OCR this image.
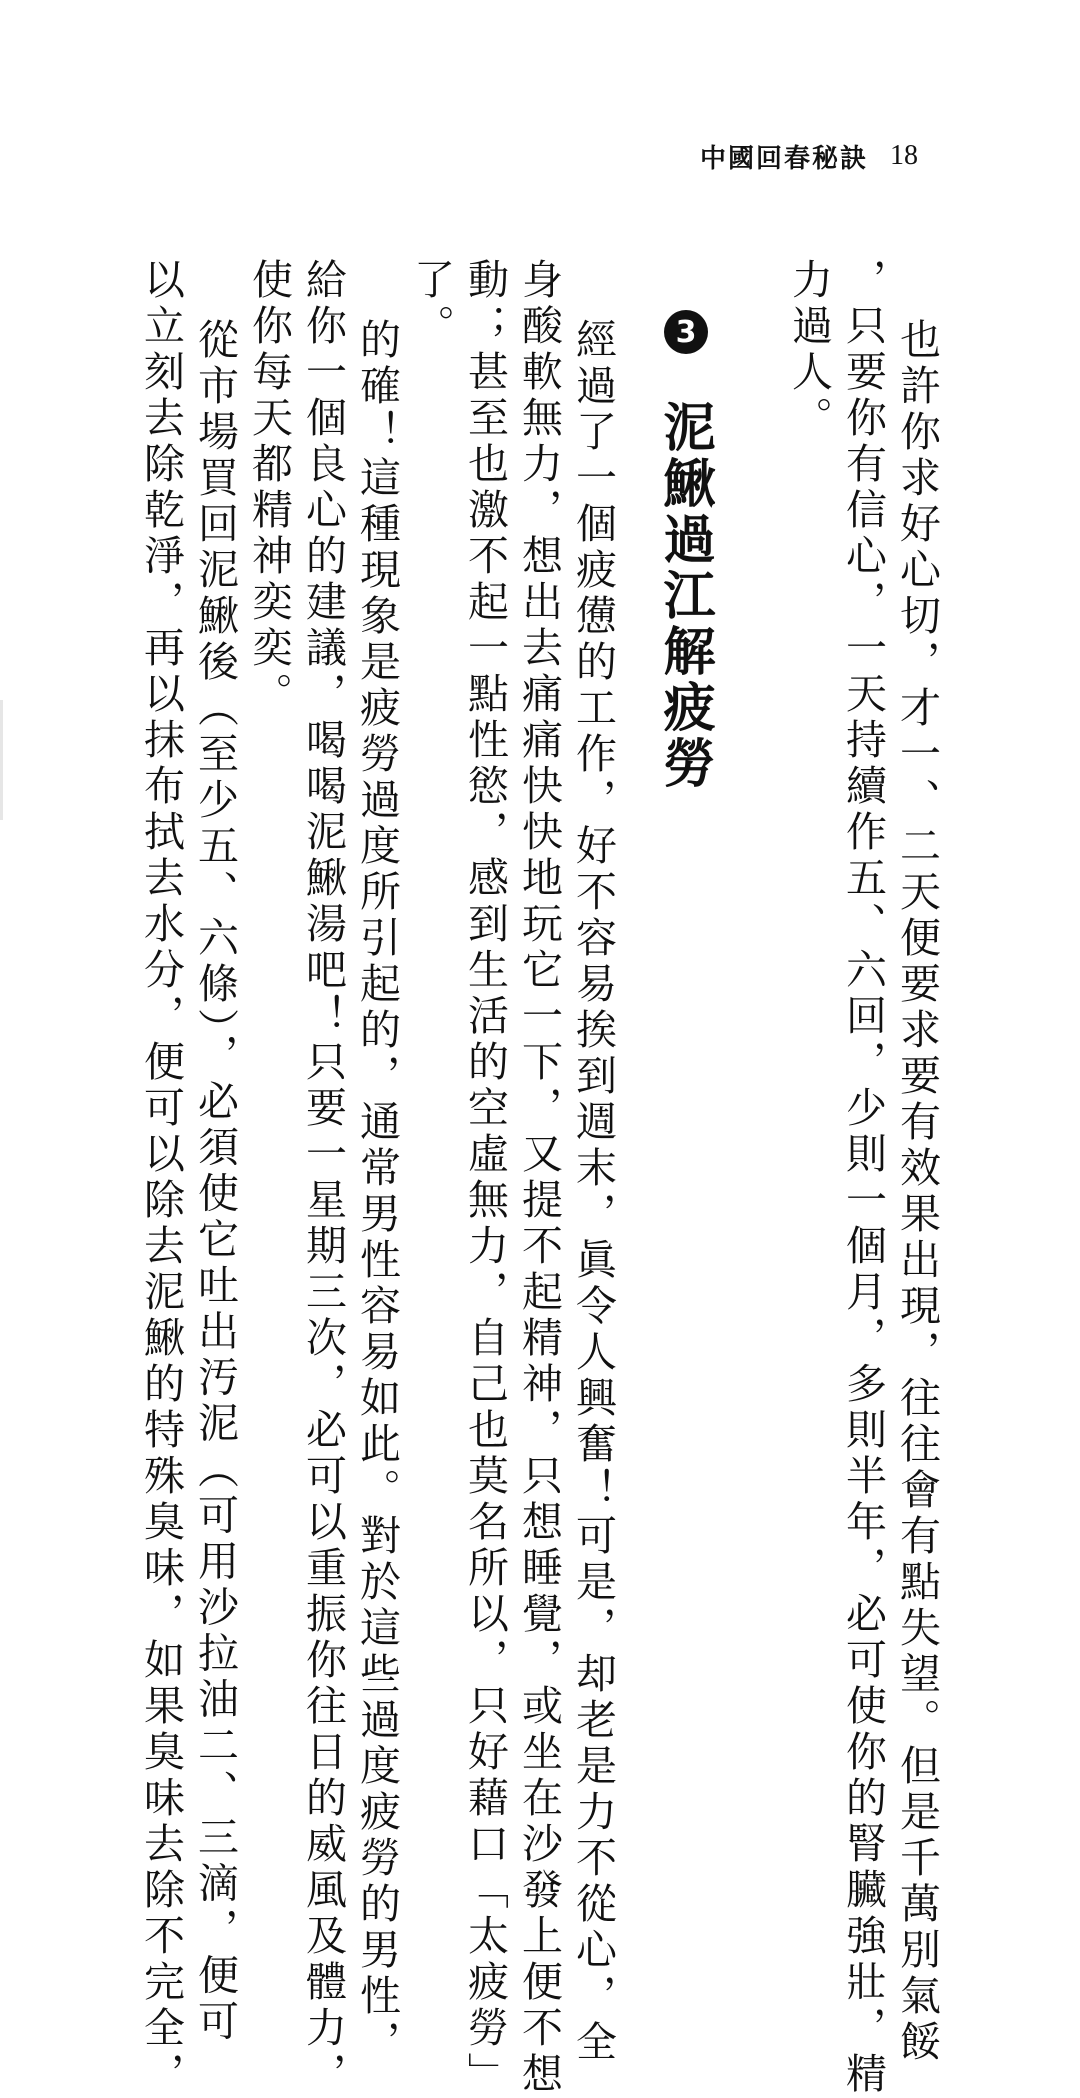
中國回春秘訣 18
也許你求好心切，才一、二天便要求要有效果出現，往往會有點失望。但是千萬別氣餒
，只要你有信心，一天持續作五、六回，少則一個月，多則半年，必可使你的腎臟強壯，精
力過人。
3
泥鰍過江解疲勞
經過了一個疲憊的工作，好不容易挨到週末，眞令人興奮！可是，却老是力不從心，全
身酸軟無力，想出去痛痛快快地玩它一下，又提不起精神，只想睡覺，或坐在沙發上便不想
動；甚至也激不起一點性慾，感到生活的空虛無力，自己也莫名所以，只好藉口「太疲勞」
了。
的確！這種現象是疲勞過度所引起的，通常男性容易如此。對於這些過度疲勞的男性，
給你一個良心的建議，喝喝泥鰍湯吧！只要一星期三次，必可以重振你往日的威風及體力，
使你每天都精神奕奕。
從市場買回泥鰍後（至少五、六條），必須使它吐出汚泥（可用沙拉油二、三滴，便可
以立刻去除乾淨，再以抹布拭去水分，便可以除去泥鰍的特殊臭味，如果臭味去除不完全，
